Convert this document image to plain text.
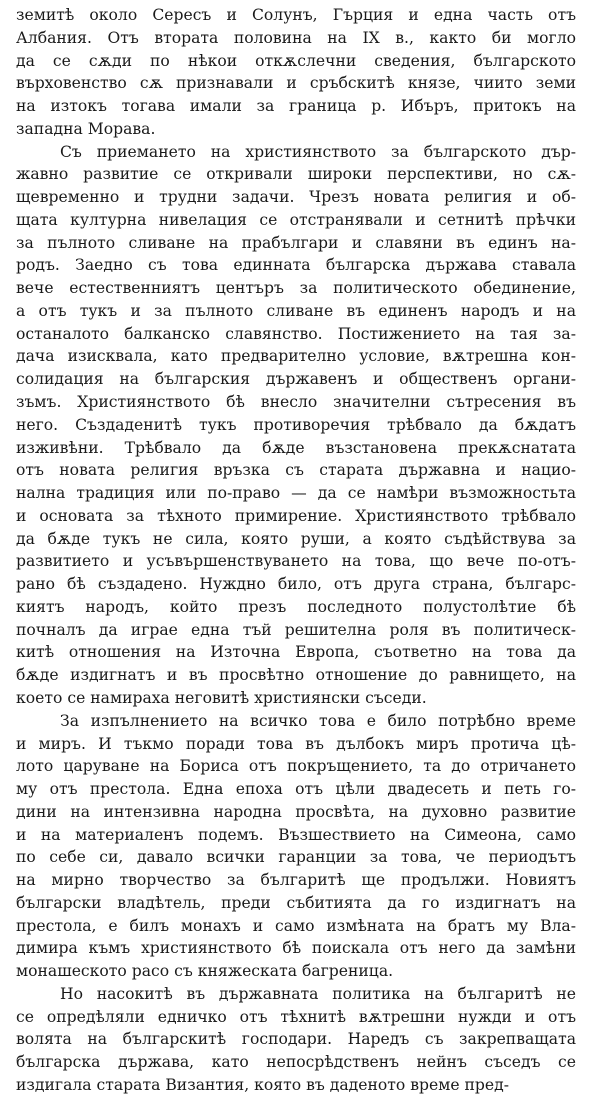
земитѣ около Сересъ и Солунъ, Гърция и една часть отъ
Албания. Отъ втората половина на IX в., както би моглo
да се сѫди по нѣкои откѫслечни сведения, българското
върховенство сѫ признавали и сръбскитѣ князе, чиито земи
на изтокъ тогава имали за граница р. Ибъръ, притокъ на
западна Морава.

Съ приемането на християнството за българското дър-
жавно развитие се откривали широки перспективи, но сѫ-
щевременно и трудни задачи. Чрезъ новата религия и об-
щата културна нивелация се отстранявали и сетнитѣ прѣчки
за пълното сливане на прабългари и славяни въ единъ на-
родъ. Заедно съ това единната българска държава ставала
вече естественниятъ центъръ за политическото обединение,
а отъ тукъ и за пълното сливане въ единенъ народъ и на
останалото балканско славянство. Постижението на тая за-
дача изисквала, като предварително условие, вѫтрешна кон-
солидация на българския държавенъ и общественъ органи-
зъмъ. Християнството бѣ внесло значителни сътресения въ
него. Създаденитѣ тукъ противоречия трѣбвало да бѫдатъ
изживѣни. Трѣбвало да бѫде възстановена прекѫснатата
отъ новата религия връзка съ старата държавна и нацио-
нална традиция или по-право — да се намѣри възможностьта
и основата за тѣхното примирение. Християнството трѣбвало
да бѫде тукъ не сила, която руши, а която съдѣйствува за
развитието и усъвършенствуването на това, що вече по-отъ-
рано бѣ създадено. Нуждно било, отъ друга страна, българс-
киятъ народъ, който презъ последното полустолѣтие бѣ
почналъ да играе една тъй решителна роля въ политическ-
китѣ отношения на Източна Европа, съответно на това да
бѫде издигнатъ и въ просвѣтно отношение до равнището, на
което се намираха неговитѣ християнски съседи.

За изпълнението на всичко това е било потрѣбно време
и миръ. И тъкмо поради това въ дълбокъ миръ протича цѣ-
лото царуване на Бориса отъ покръщението, та до отричането
му отъ престола. Една епоха отъ цѣли двадесеть и петь го-
дини на интензивна народна просвѣта, на духовно развитие
и на материаленъ подемъ. Възшествието на Симеона, само
по себе си, давало всички гаранции за това, че периодътъ
на мирно творчество за българитѣ ще продължи. Новиятъ
български владѣтель, преди събитията да го издигнатъ на
престола, е билъ монахъ и само измѣната на братъ му Вла-
димира къмъ християнството бѣ поискала отъ него да замѣни
монашеското расо съ княжеската багреница.

Но насокитѣ въ държавната политика на българитѣ не
се опредѣляли едничко отъ тѣхнитѣ вѫтрешни нужди и отъ
волята на българскитѣ господари. Наредъ съ закрепващата
българска държава, като непосрѣдственъ нейнъ съседъ се
издигала старата Византия, която въ даденото време пред-
